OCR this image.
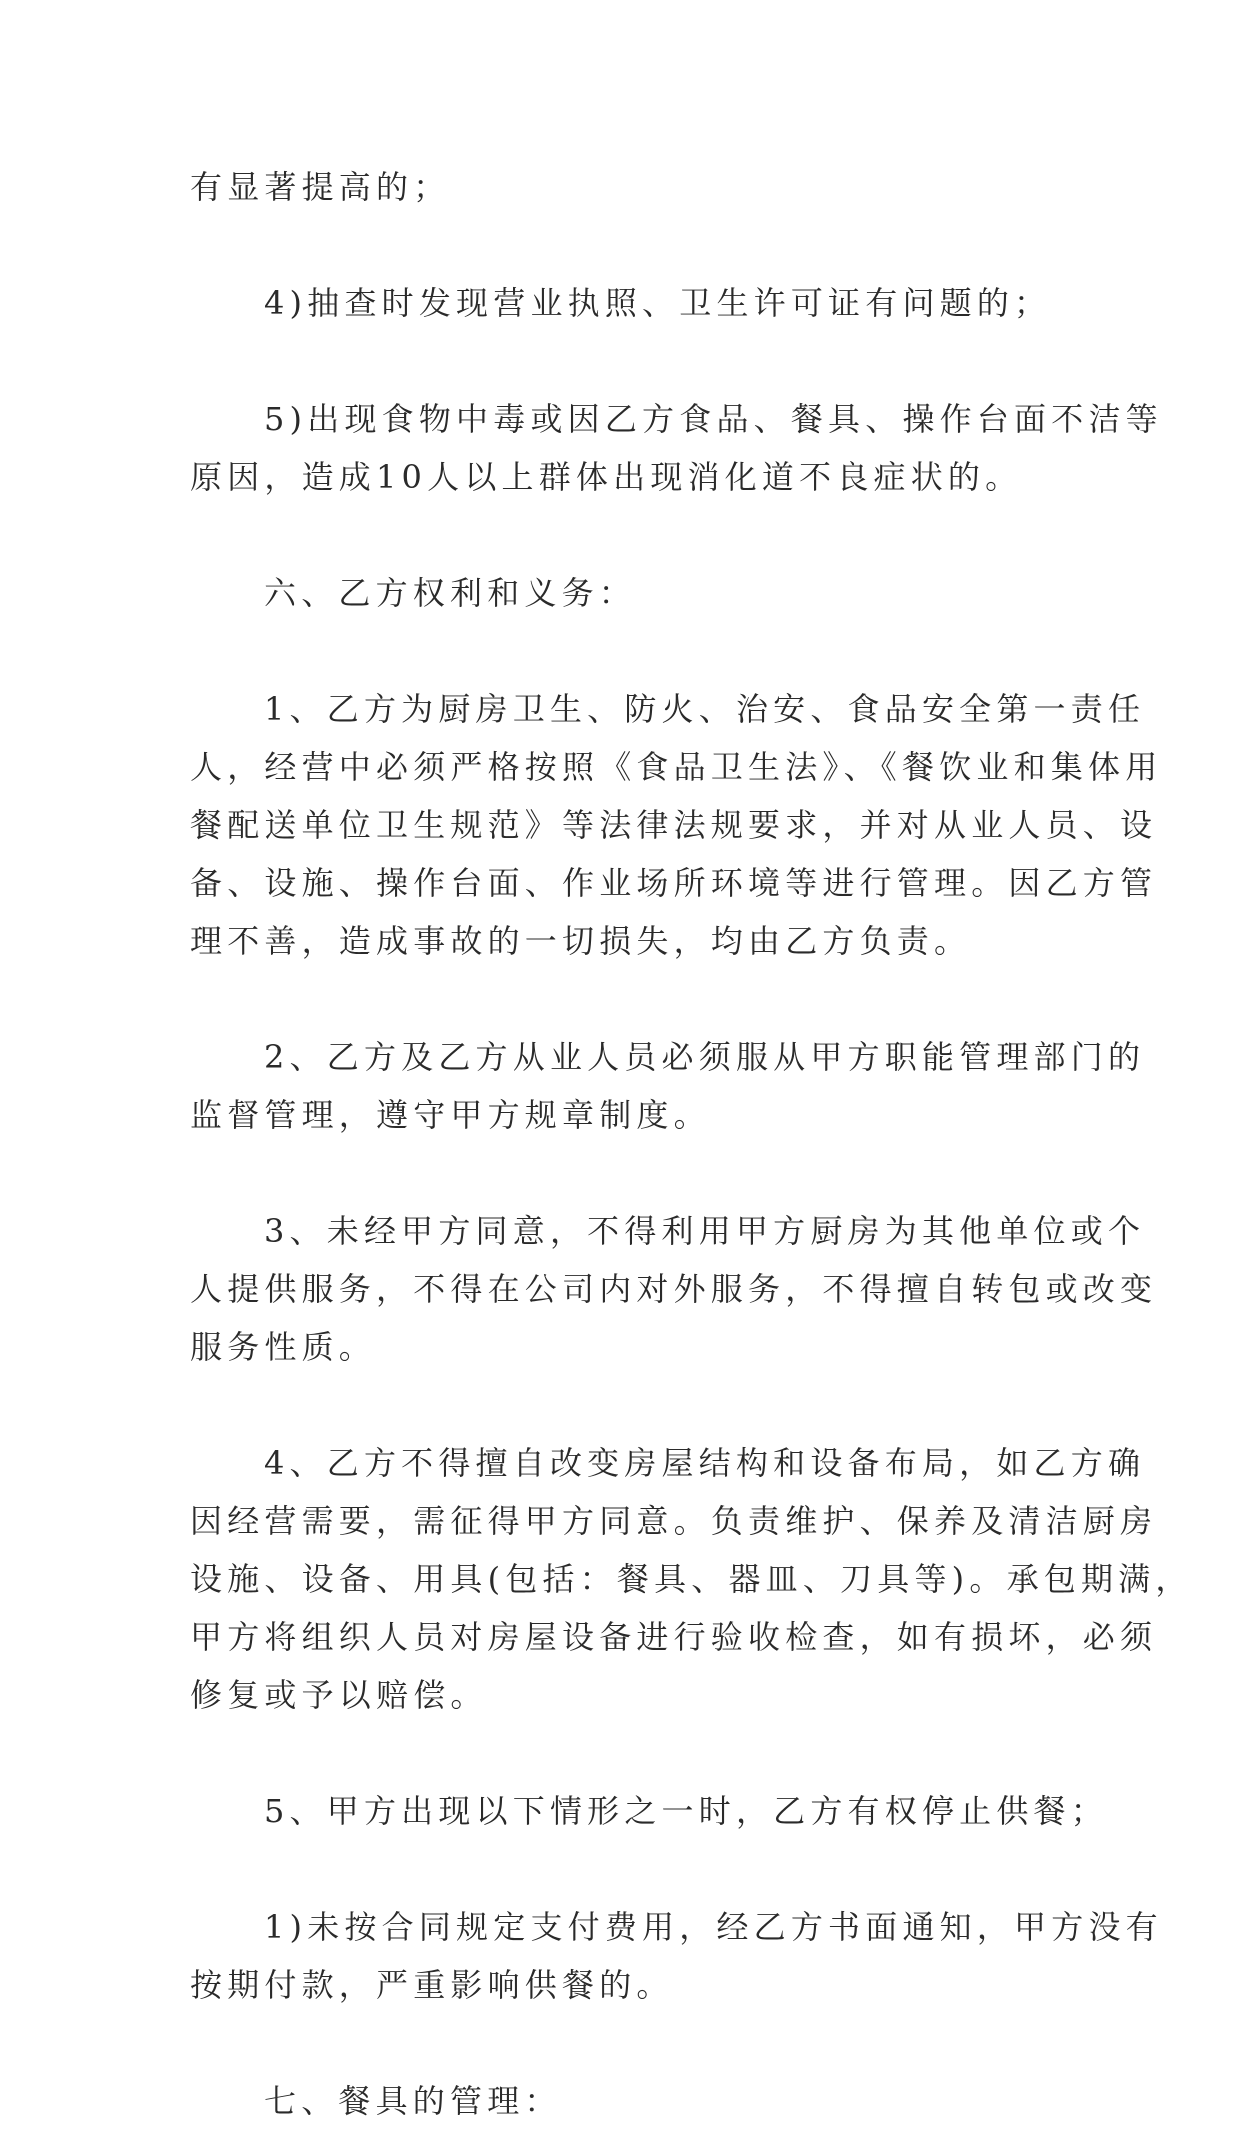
有显著提高的；
4)抽查时发现营业执照、卫生许可证有问题的；
5)出现食物中毒或因乙方食品、餐具、操作台面不洁等
原因，造成10人以上群体出现消化道不良症状的。
六、乙方权利和义务：
1、乙方为厨房卫生、防火、治安、食品安全第一责任
人，经营中必须严格按照《食品卫生法》、《餐饮业和集体用
餐配送单位卫生规范》等法律法规要求，并对从业人员、设
备、设施、操作台面、作业场所环境等进行管理。因乙方管
理不善，造成事故的一切损失，均由乙方负责。
2、乙方及乙方从业人员必须服从甲方职能管理部门的
监督管理，遵守甲方规章制度。
3、未经甲方同意，不得利用甲方厨房为其他单位或个
人提供服务，不得在公司内对外服务，不得擅自转包或改变
服务性质。
4、乙方不得擅自改变房屋结构和设备布局，如乙方确
因经营需要，需征得甲方同意。负责维护、保养及清洁厨房
设施、设备、用具(包括：餐具、器皿、刀具等)。承包期满，
甲方将组织人员对房屋设备进行验收检查，如有损坏，必须
修复或予以赔偿。
5、甲方出现以下情形之一时，乙方有权停止供餐；
1)未按合同规定支付费用，经乙方书面通知，甲方没有
按期付款，严重影响供餐的。
七、餐具的管理：
